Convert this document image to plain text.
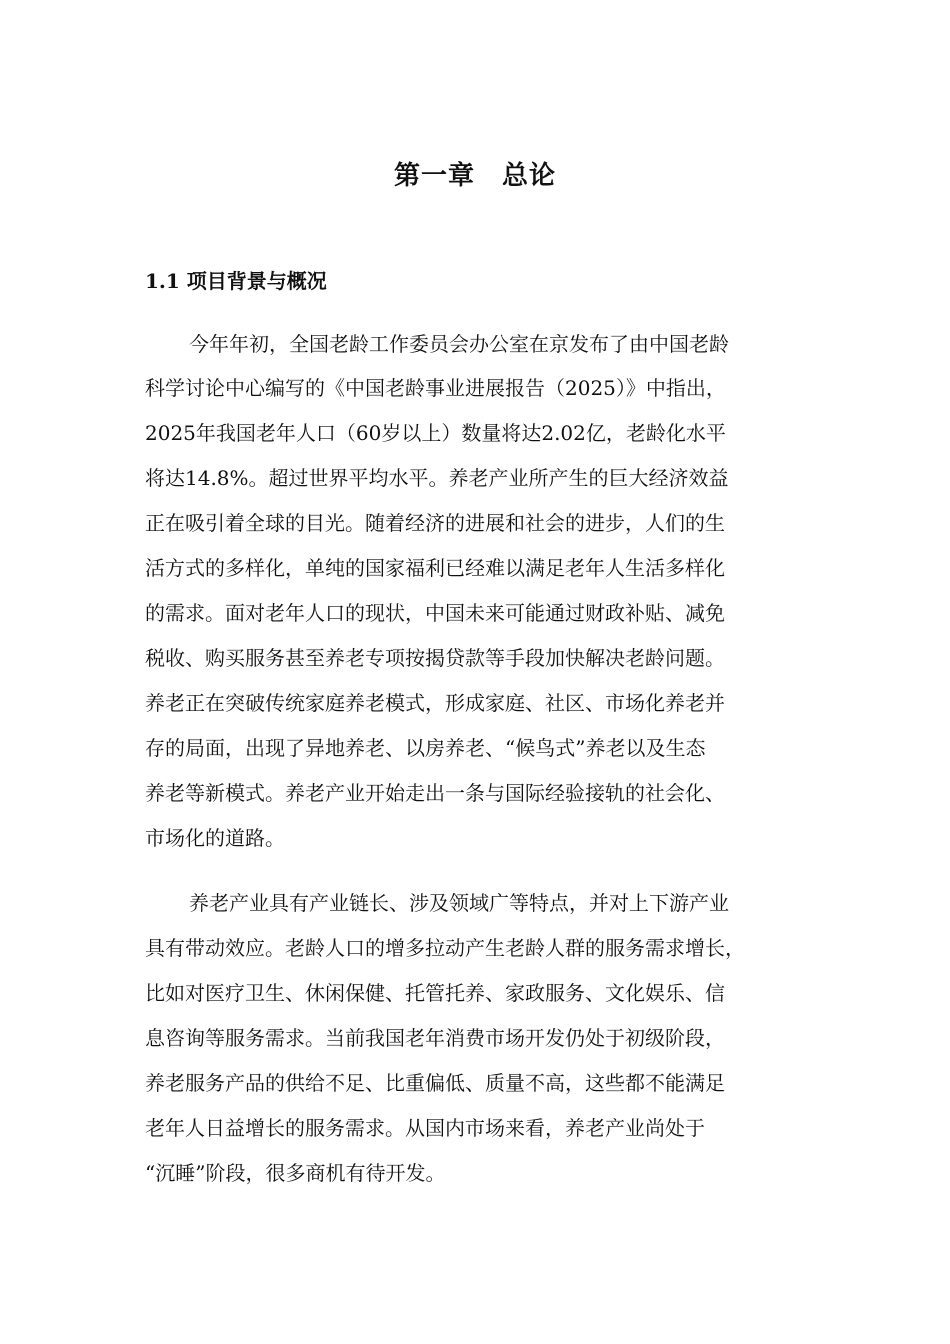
第一章　总论
1.1 项目背景与概况
今年年初，全国老龄工作委员会办公室在京发布了由中国老龄
科学讨论中心编写的《中国老龄事业进展报告（2025）》中指出，
2025年我国老年人口（60岁以上）数量将达2.02亿，老龄化水平
将达14.8%。超过世界平均水平。养老产业所产生的巨大经济效益
正在吸引着全球的目光。随着经济的进展和社会的进步，人们的生
活方式的多样化，单纯的国家福利已经难以满足老年人生活多样化
的需求。面对老年人口的现状，中国未来可能通过财政补贴、减免
税收、购买服务甚至养老专项按揭贷款等手段加快解决老龄问题。
养老正在突破传统家庭养老模式，形成家庭、社区、市场化养老并
存的局面，出现了异地养老、以房养老、“候鸟式”养老以及生态
养老等新模式。养老产业开始走出一条与国际经验接轨的社会化、
市场化的道路。
养老产业具有产业链长、涉及领域广等特点，并对上下游产业
具有带动效应。老龄人口的增多拉动产生老龄人群的服务需求增长，
比如对医疗卫生、休闲保健、托管托养、家政服务、文化娱乐、信
息咨询等服务需求。当前我国老年消费市场开发仍处于初级阶段，
养老服务产品的供给不足、比重偏低、质量不高，这些都不能满足
老年人日益增长的服务需求。从国内市场来看，养老产业尚处于
“沉睡”阶段，很多商机有待开发。
